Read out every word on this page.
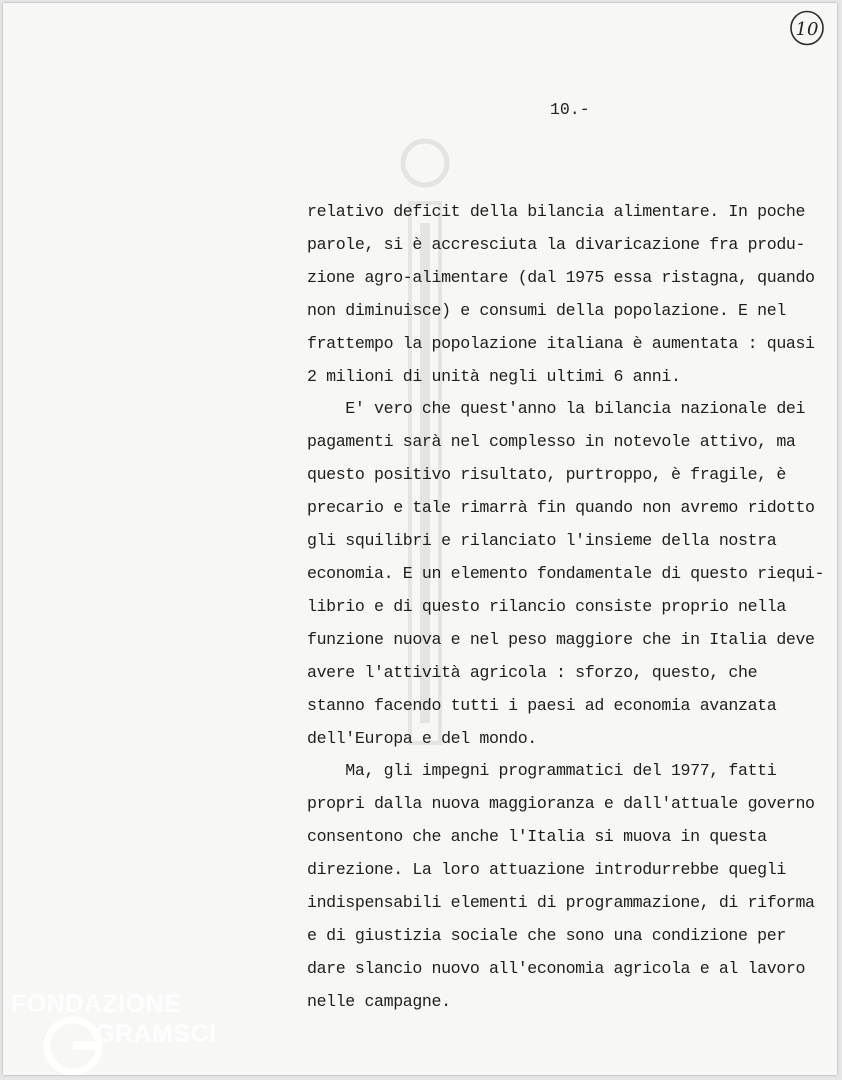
10
10.-
relativo deficit della bilancia alimentare. In poche
parole, si è accresciuta la divaricazione fra produ-
zione agro-alimentare (dal 1975 essa ristagna, quando
non diminuisce) e consumi della popolazione. E nel
frattempo la popolazione italiana è aumentata : quasi
2 milioni di unità negli ultimi 6 anni.
E' vero che quest'anno la bilancia nazionale dei
pagamenti sarà nel complesso in notevole attivo, ma
questo positivo risultato, purtroppo, è fragile, è
precario e tale rimarrà fin quando non avremo ridotto
gli squilibri e rilanciato l'insieme della nostra
economia. E un elemento fondamentale di questo riequi-
librio e di questo rilancio consiste proprio nella
funzione nuova e nel peso maggiore che in Italia deve
avere l'attività agricola : sforzo, questo, che
stanno facendo tutti i paesi ad economia avanzata
dell'Europa e del mondo.
Ma, gli impegni programmatici del 1977, fatti
propri dalla nuova maggioranza e dall'attuale governo
consentono che anche l'Italia si muova in questa
direzione. La loro attuazione introdurrebbe quegli
indispensabili elementi di programmazione, di riforma
e di giustizia sociale che sono una condizione per
dare slancio nuovo all'economia agricola e al lavoro
nelle campagne.
FONDAZIONE
GRAMSCI
